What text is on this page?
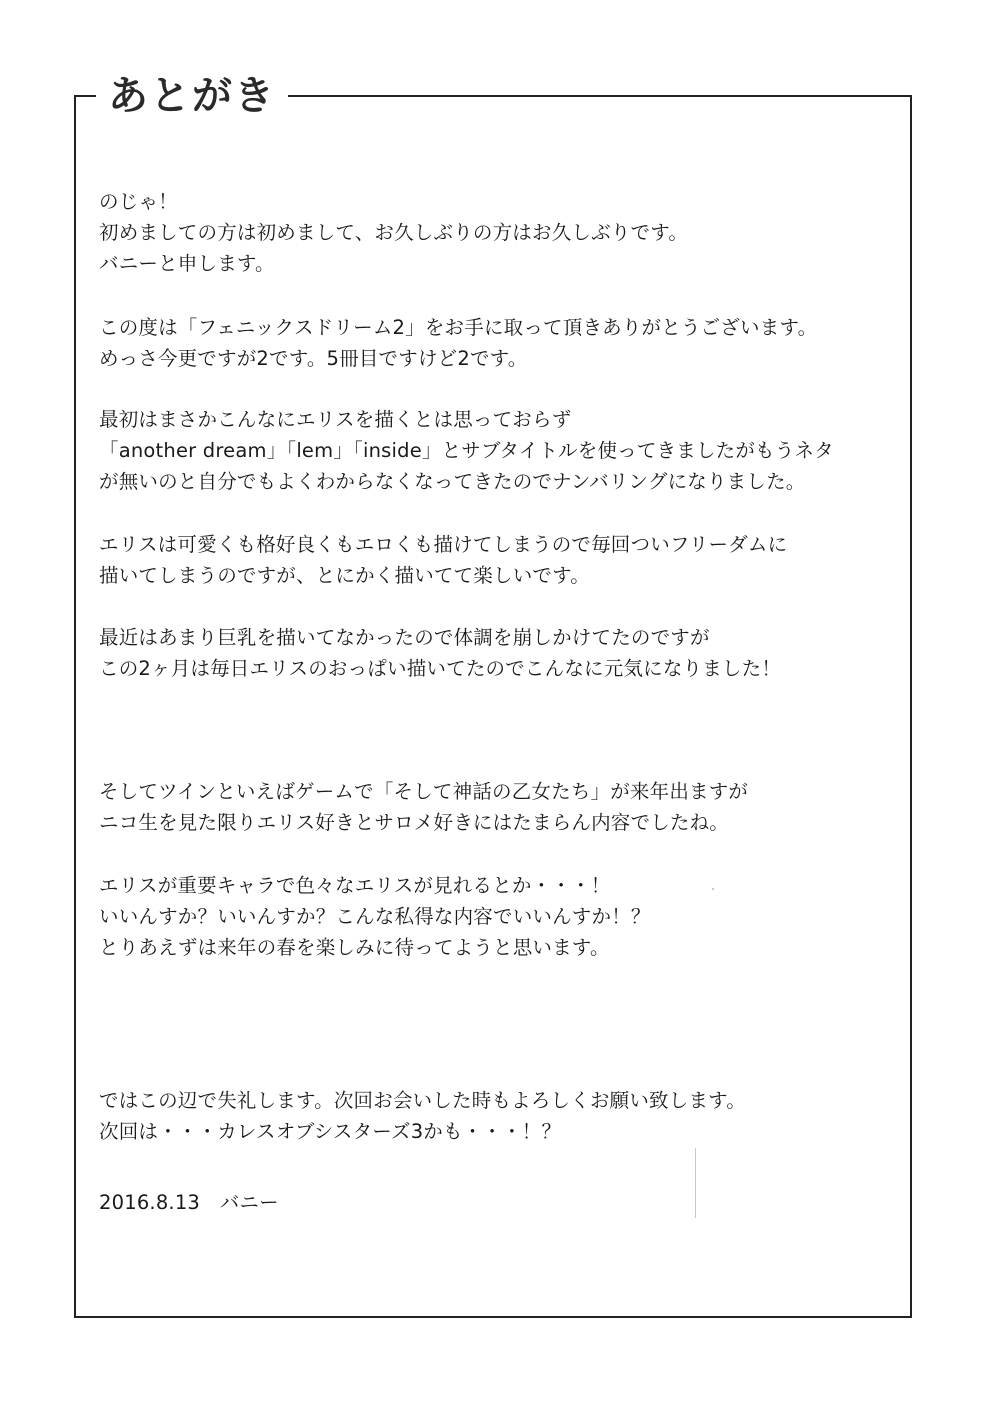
あとがき
のじゃ！
初めましての方は初めまして、お久しぶりの方はお久しぶりです。
バニーと申します。
この度は「フェニックスドリーム2」をお手に取って頂きありがとうございます。
めっさ今更ですが2です。5冊目ですけど2です。
最初はまさかこんなにエリスを描くとは思っておらず
「another dream」「lem」「inside」とサブタイトルを使ってきましたがもうネタ
が無いのと自分でもよくわからなくなってきたのでナンバリングになりました。
エリスは可愛くも格好良くもエロくも描けてしまうので毎回ついフリーダムに
描いてしまうのですが、とにかく描いてて楽しいです。
最近はあまり巨乳を描いてなかったので体調を崩しかけてたのですが
この2ヶ月は毎日エリスのおっぱい描いてたのでこんなに元気になりました！
そしてツインといえばゲームで「そして神話の乙女たち」が来年出ますが
ニコ生を見た限りエリス好きとサロメ好きにはたまらん内容でしたね。
エリスが重要キャラで色々なエリスが見れるとか・・・！
いいんすか？いいんすか？こんな私得な内容でいいんすか！？
とりあえずは来年の春を楽しみに待ってようと思います。
ではこの辺で失礼します。次回お会いした時もよろしくお願い致します。
次回は・・・カレスオブシスターズ3かも・・・！？
2016.8.13　バニー
